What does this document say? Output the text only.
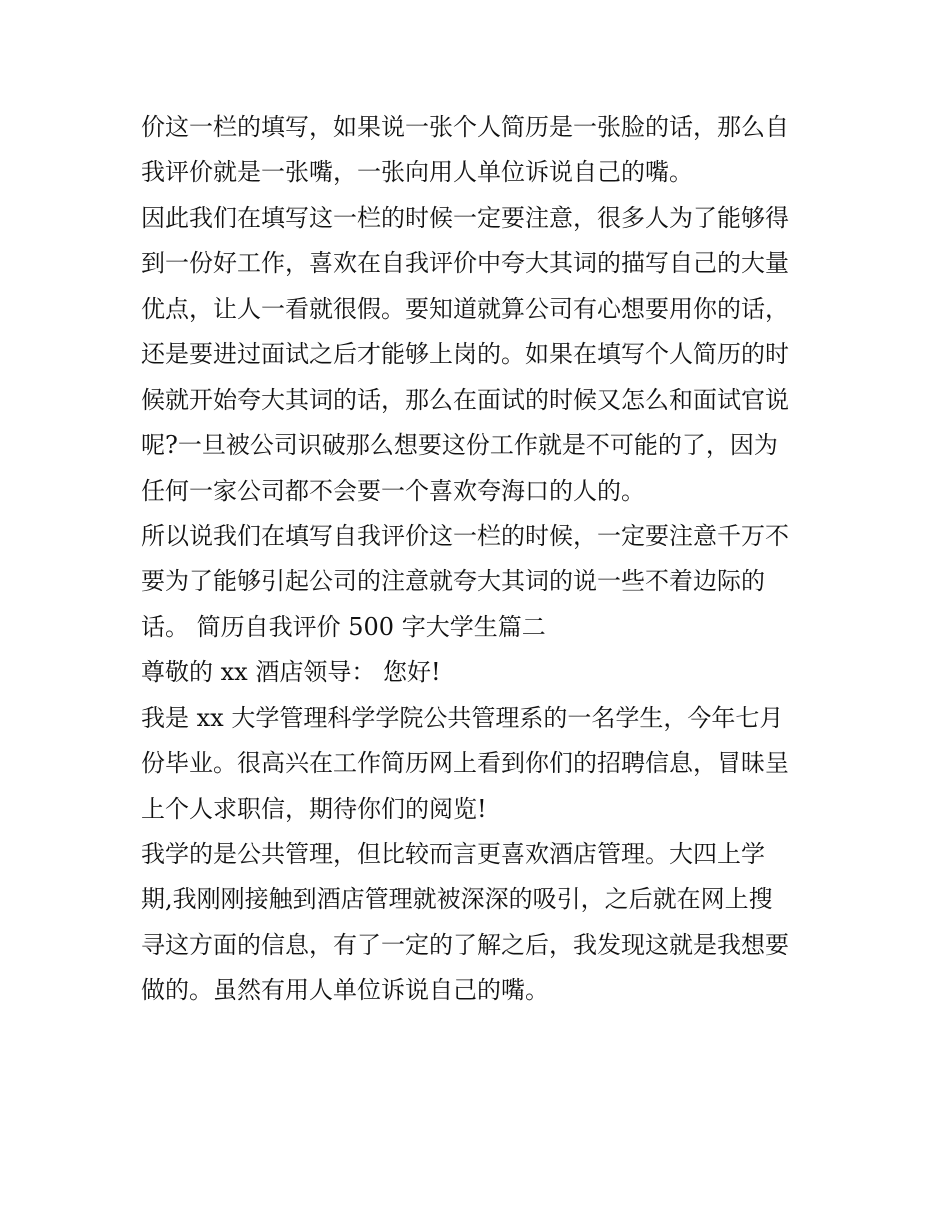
价这一栏的填写，如果说一张个人简历是一张脸的话，那么自
我评价就是一张嘴，一张向用人单位诉说自己的嘴。
因此我们在填写这一栏的时候一定要注意，很多人为了能够得
到一份好工作，喜欢在自我评价中夸大其词的描写自己的大量
优点，让人一看就很假。要知道就算公司有心想要用你的话，
还是要进过面试之后才能够上岗的。如果在填写个人简历的时
候就开始夸大其词的话，那么在面试的时候又怎么和面试官说
呢?一旦被公司识破那么想要这份工作就是不可能的了，因为
任何一家公司都不会要一个喜欢夸海口的人的。
所以说我们在填写自我评价这一栏的时候，一定要注意千万不
要为了能够引起公司的注意就夸大其词的说一些不着边际的
话。 简历自我评价 500 字大学生篇二
尊敬的 xx 酒店领导： 您好!
我是 xx 大学管理科学学院公共管理系的一名学生，今年七月
份毕业。很高兴在工作简历网上看到你们的招聘信息，冒昧呈
上个人求职信，期待你们的阅览!
我学的是公共管理，但比较而言更喜欢酒店管理。大四上学
期,我刚刚接触到酒店管理就被深深的吸引，之后就在网上搜
寻这方面的信息，有了一定的了解之后，我发现这就是我想要
做的。虽然有用人单位诉说自己的嘴。
